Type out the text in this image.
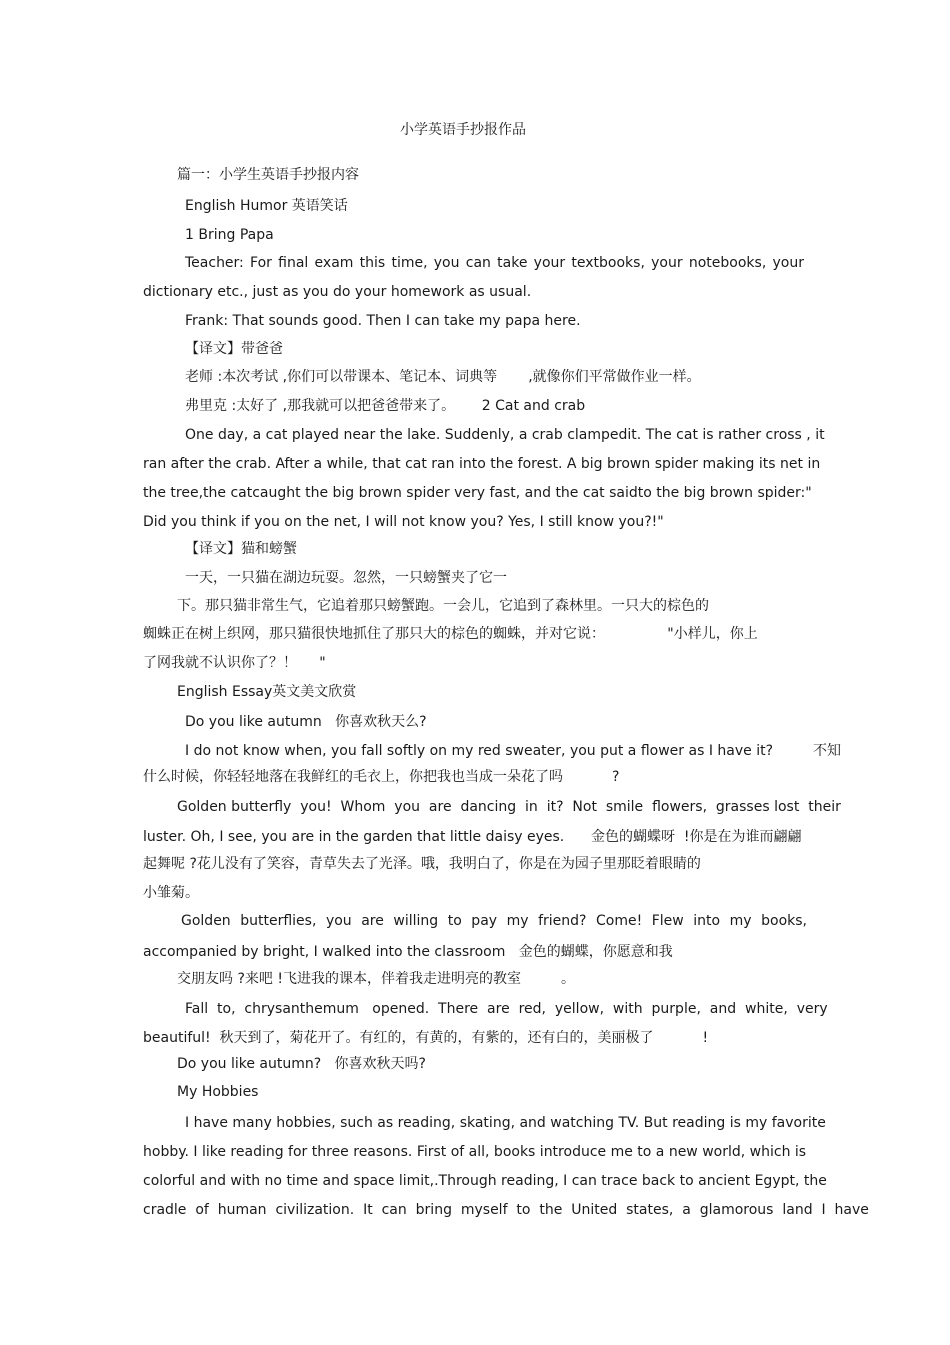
小学英语手抄报作品
篇一：小学生英语手抄报内容
English Humor 英语笑话
1 Bring Papa
Teacher: For final exam this time, you can take your textbooks, your notebooks, your
dictionary etc., just as you do your homework as usual.
Frank: That sounds good. Then I can take my papa here.
【译文】带爸爸
老师 :本次考试 ,你们可以带课本、笔记本、词典等       ,就像你们平常做作业一样。
弗里克 :太好了 ,那我就可以把爸爸带来了。      2 Cat and crab
One day, a cat played near the lake. Suddenly, a crab clampedit. The cat is rather cross , it
ran after the crab. After a while, that cat ran into the forest. A big brown spider making its net in
the tree,the catcaught the big brown spider very fast, and the cat saidto the big brown spider:"
Did you think if you on the net, I will not know you? Yes, I still know you?!"
【译文】猫和螃蟹
一天，一只猫在湖边玩耍。忽然，一只螃蟹夹了它一
下。那只猫非常生气，它追着那只螃蟹跑。一会儿，它追到了森林里。一只大的棕色的
蜘蛛正在树上织网，那只猫很快地抓住了那只大的棕色的蜘蛛，并对它说：              "小样儿，你上
了网我就不认识你了？！     "
English Essay英文美文欣赏
Do you like autumn   你喜欢秋天么?
I do not know when, you fall softly on my red sweater, you put a flower as I have it?         不知
什么时候，你轻轻地落在我鲜红的毛衣上，你把我也当成一朵花了吗           ?
Golden butterfly  you!  Whom  you  are  dancing  in  it?  Not  smile  flowers,  grasses lost  their
luster. Oh, I see, you are in the garden that little daisy eyes.      金色的蝴蝶呀  !你是在为谁而翩翩
起舞呢 ?花儿没有了笑容，青草失去了光泽。哦，我明白了，你是在为园子里那眨着眼睛的
小雏菊。
Golden  butterflies,  you  are  willing  to  pay  my  friend?  Come!  Flew  into  my  books,
accompanied by bright, I walked into the classroom   金色的蝴蝶，你愿意和我
交朋友吗 ?来吧 !飞进我的课本，伴着我走进明亮的教室         。
Fall  to,  chrysanthemum   opened.  There  are  red,  yellow,  with  purple,  and  white,  very
beautiful!  秋天到了，菊花开了。有红的，有黄的，有紫的，还有白的，美丽极了           !
Do you like autumn?   你喜欢秋天吗?
My Hobbies
I have many hobbies, such as reading, skating, and watching TV. But reading is my favorite
hobby. I like reading for three reasons. First of all, books introduce me to a new world, which is
colorful and with no time and space limit,.Through reading, I can trace back to ancient Egypt, the
cradle  of  human  civilization.  It  can  bring  myself  to  the  United  states,  a  glamorous  land  I  have
